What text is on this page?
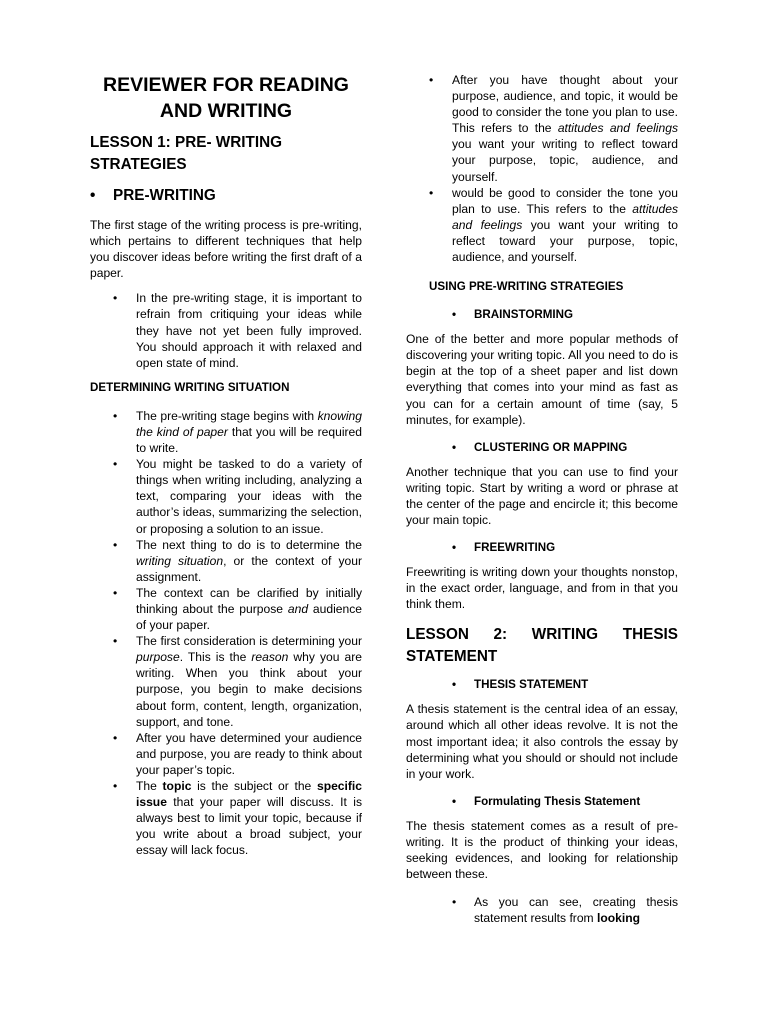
REVIEWER FOR READING AND WRITING
LESSON 1: PRE- WRITING STRATEGIES
• PRE-WRITING

The first stage of the writing process is pre-writing, which pertains to different techniques that help you discover ideas before writing the first draft of a paper.

• In the pre-writing stage, it is important to refrain from critiquing your ideas while they have not yet been fully improved. You should approach it with relaxed and open state of mind.
DETERMINING WRITING SITUATION
• The pre-writing stage begins with knowing the kind of paper that you will be required to write.
• You might be tasked to do a variety of things when writing including, analyzing a text, comparing your ideas with the author’s ideas, summarizing the selection, or proposing a solution to an issue.
• The next thing to do is to determine the writing situation, or the context of your assignment.
• The context can be clarified by initially thinking about the purpose and audience of your paper.
• The first consideration is determining your purpose. This is the reason why you are writing. When you think about your purpose, you begin to make decisions about form, content, length, organization, support, and tone.
• After you have determined your audience and purpose, you are ready to think about your paper’s topic.
• The topic is the subject or the specific issue that your paper will discuss. It is always best to limit your topic, because if you write about a broad subject, your essay will lack focus.
• After you have thought about your purpose, audience, and topic, it would be good to consider the tone you plan to use. This refers to the attitudes and feelings you want your writing to reflect toward your purpose, topic, audience, and yourself.
• would be good to consider the tone you plan to use. This refers to the attitudes and feelings you want your writing to reflect toward your purpose, topic, audience, and yourself.
USING PRE-WRITING STRATEGIES
• BRAINSTORMING

One of the better and more popular methods of discovering your writing topic. All you need to do is begin at the top of a sheet paper and list down everything that comes into your mind as fast as you can for a certain amount of time (say, 5 minutes, for example).

• CLUSTERING OR MAPPING

Another technique that you can use to find your writing topic. Start by writing a word or phrase at the center of the page and encircle it; this become your main topic.

• FREEWRITING

Freewriting is writing down your thoughts nonstop, in the exact order, language, and from in that you think them.

LESSON 2: WRITING THESIS STATEMENT
• THESIS STATEMENT

A thesis statement is the central idea of an essay, around which all other ideas revolve. It is not the most important idea; it also controls the essay by determining what you should or should not include in your work.

• Formulating Thesis Statement

The thesis statement comes as a result of pre-writing. It is the product of thinking your ideas, seeking evidences, and looking for relationship between these.

• As you can see, creating thesis statement results from looking
